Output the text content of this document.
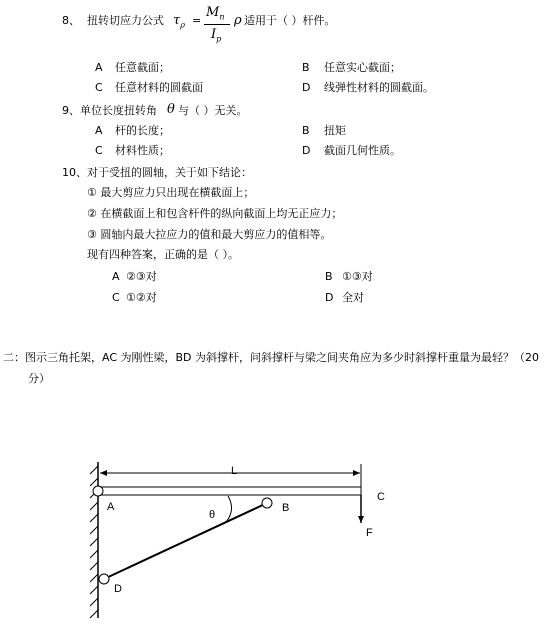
8、 扭转切应力公式 $\tau_\rho$ =
$M_n$
$I_p$
ρ 适用于（ ）杆件。
A 任意截面；	B 任意实心截面；
C 任意材料的圆截面	D 线弹性材料的圆截面。
9、单位长度扭转角 θ 与（ ）无关。
A 杆的长度；	B 扭矩
C 材料性质；	D 截面几何性质。
10、对于受扭的圆轴，关于如下结论：
① 最大剪应力只出现在横截面上；
② 在横截面上和包含杆件的纵向截面上均无正应力；
③ 圆轴内最大拉应力的值和最大剪应力的值相等。
现有四种答案，正确的是（ ）。
A ②③对	B ①③对
C ①②对	D 全对
二：图示三角托架，AC 为刚性梁，BD 为斜撑杆，问斜撑杆与梁之间夹角应为多少时斜撑杆重量为最轻？（20
分）
L
A	B
C
D
F
θ
